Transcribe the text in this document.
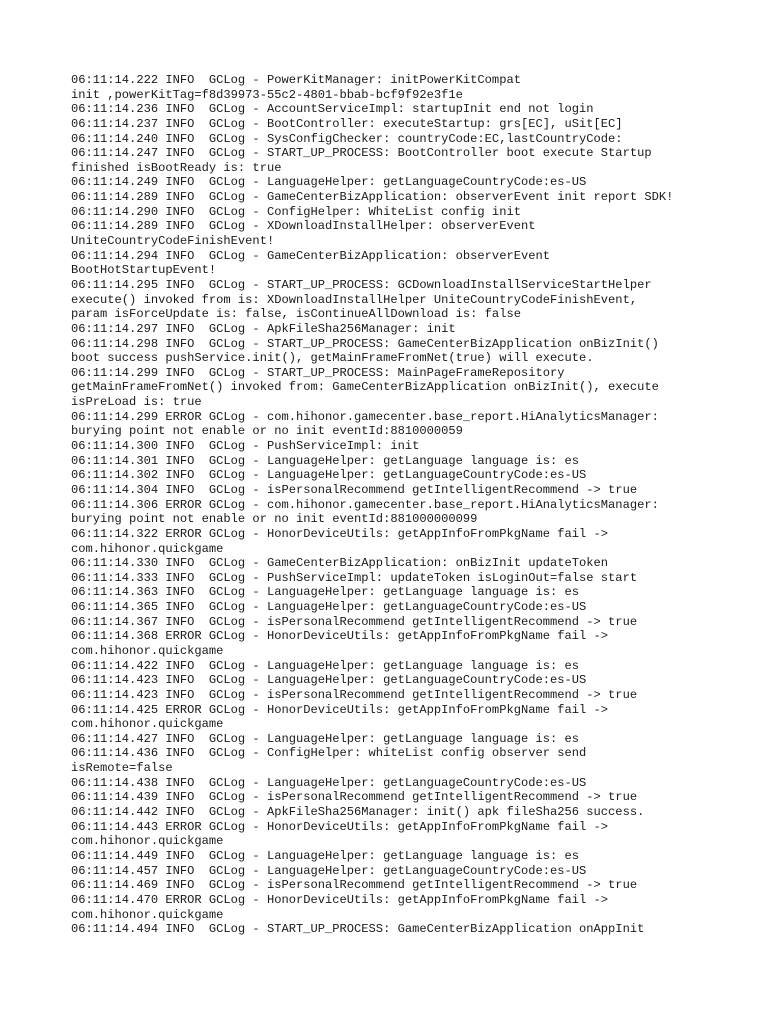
06:11:14.222 INFO  GCLog - PowerKitManager: initPowerKitCompat
init ,powerKitTag=f8d39973-55c2-4801-bbab-bcf9f92e3f1e
06:11:14.236 INFO  GCLog - AccountServiceImpl: startupInit end not login
06:11:14.237 INFO  GCLog - BootController: executeStartup: grs[EC], uSit[EC]
06:11:14.240 INFO  GCLog - SysConfigChecker: countryCode:EC,lastCountryCode:
06:11:14.247 INFO  GCLog - START_UP_PROCESS: BootController boot execute Startup
finished isBootReady is: true
06:11:14.249 INFO  GCLog - LanguageHelper: getLanguageCountryCode:es-US
06:11:14.289 INFO  GCLog - GameCenterBizApplication: observerEvent init report SDK!
06:11:14.290 INFO  GCLog - ConfigHelper: WhiteList config init
06:11:14.289 INFO  GCLog - XDownloadInstallHelper: observerEvent
UniteCountryCodeFinishEvent!
06:11:14.294 INFO  GCLog - GameCenterBizApplication: observerEvent
BootHotStartupEvent!
06:11:14.295 INFO  GCLog - START_UP_PROCESS: GCDownloadInstallServiceStartHelper
execute() invoked from is: XDownloadInstallHelper UniteCountryCodeFinishEvent,
param isForceUpdate is: false, isContinueAllDownload is: false
06:11:14.297 INFO  GCLog - ApkFileSha256Manager: init
06:11:14.298 INFO  GCLog - START_UP_PROCESS: GameCenterBizApplication onBizInit()
boot success pushService.init(), getMainFrameFromNet(true) will execute.
06:11:14.299 INFO  GCLog - START_UP_PROCESS: MainPageFrameRepository
getMainFrameFromNet() invoked from: GameCenterBizApplication onBizInit(), execute
isPreLoad is: true
06:11:14.299 ERROR GCLog - com.hihonor.gamecenter.base_report.HiAnalyticsManager:
burying point not enable or no init eventId:8810000059
06:11:14.300 INFO  GCLog - PushServiceImpl: init
06:11:14.301 INFO  GCLog - LanguageHelper: getLanguage language is: es
06:11:14.302 INFO  GCLog - LanguageHelper: getLanguageCountryCode:es-US
06:11:14.304 INFO  GCLog - isPersonalRecommend getIntelligentRecommend -> true
06:11:14.306 ERROR GCLog - com.hihonor.gamecenter.base_report.HiAnalyticsManager:
burying point not enable or no init eventId:881000000099
06:11:14.322 ERROR GCLog - HonorDeviceUtils: getAppInfoFromPkgName fail ->
com.hihonor.quickgame
06:11:14.330 INFO  GCLog - GameCenterBizApplication: onBizInit updateToken
06:11:14.333 INFO  GCLog - PushServiceImpl: updateToken isLoginOut=false start
06:11:14.363 INFO  GCLog - LanguageHelper: getLanguage language is: es
06:11:14.365 INFO  GCLog - LanguageHelper: getLanguageCountryCode:es-US
06:11:14.367 INFO  GCLog - isPersonalRecommend getIntelligentRecommend -> true
06:11:14.368 ERROR GCLog - HonorDeviceUtils: getAppInfoFromPkgName fail ->
com.hihonor.quickgame
06:11:14.422 INFO  GCLog - LanguageHelper: getLanguage language is: es
06:11:14.423 INFO  GCLog - LanguageHelper: getLanguageCountryCode:es-US
06:11:14.423 INFO  GCLog - isPersonalRecommend getIntelligentRecommend -> true
06:11:14.425 ERROR GCLog - HonorDeviceUtils: getAppInfoFromPkgName fail ->
com.hihonor.quickgame
06:11:14.427 INFO  GCLog - LanguageHelper: getLanguage language is: es
06:11:14.436 INFO  GCLog - ConfigHelper: whiteList config observer send
isRemote=false
06:11:14.438 INFO  GCLog - LanguageHelper: getLanguageCountryCode:es-US
06:11:14.439 INFO  GCLog - isPersonalRecommend getIntelligentRecommend -> true
06:11:14.442 INFO  GCLog - ApkFileSha256Manager: init() apk fileSha256 success.
06:11:14.443 ERROR GCLog - HonorDeviceUtils: getAppInfoFromPkgName fail ->
com.hihonor.quickgame
06:11:14.449 INFO  GCLog - LanguageHelper: getLanguage language is: es
06:11:14.457 INFO  GCLog - LanguageHelper: getLanguageCountryCode:es-US
06:11:14.469 INFO  GCLog - isPersonalRecommend getIntelligentRecommend -> true
06:11:14.470 ERROR GCLog - HonorDeviceUtils: getAppInfoFromPkgName fail ->
com.hihonor.quickgame
06:11:14.494 INFO  GCLog - START_UP_PROCESS: GameCenterBizApplication onAppInit
